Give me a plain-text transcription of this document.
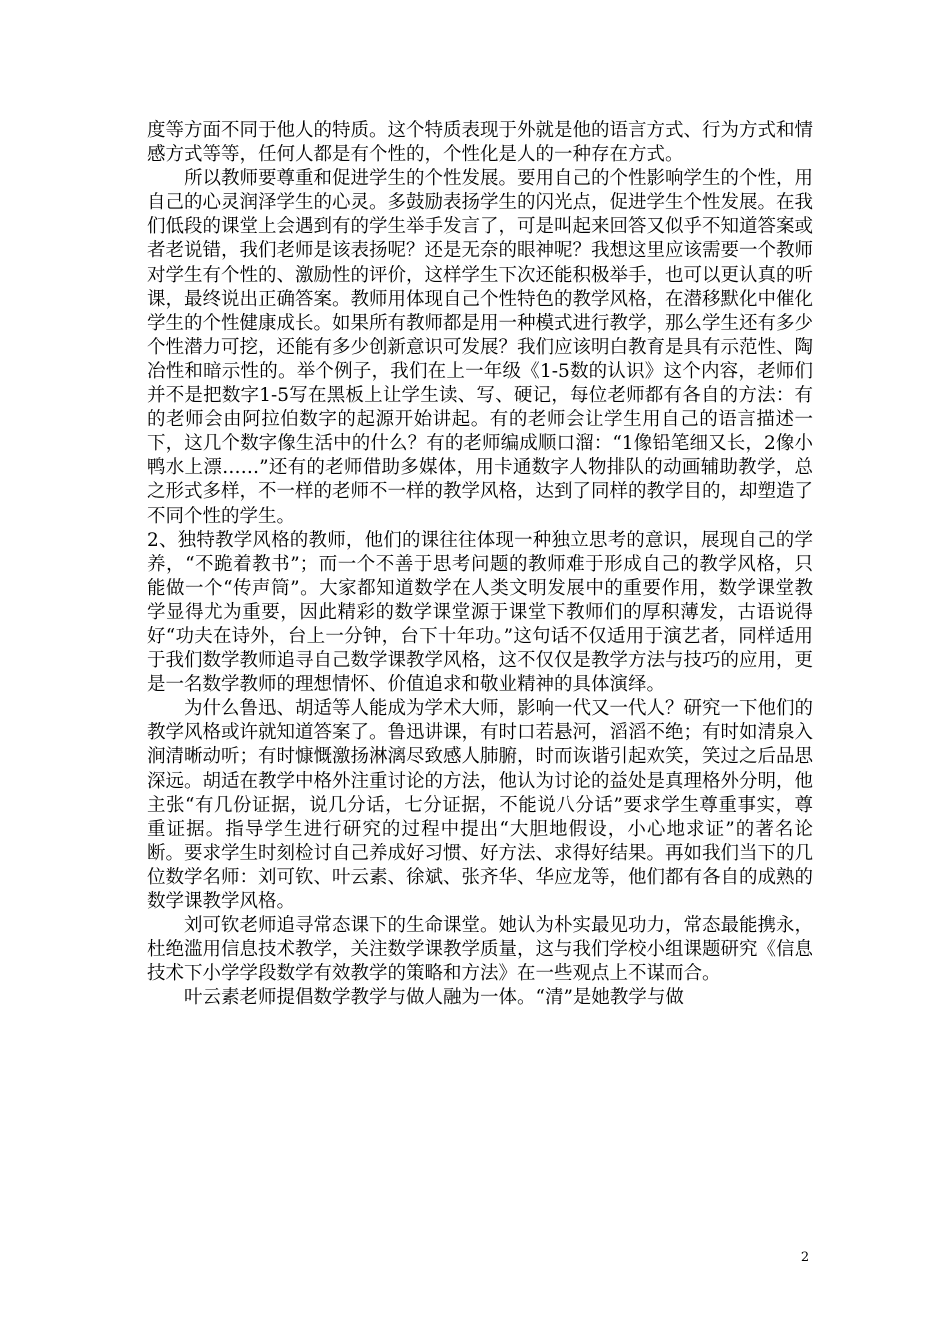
度等方面不同于他人的特质。这个特质表现于外就是他的语言方式、行为方式和情感方式等等，任何人都是有个性的，个性化是人的一种存在方式。

所以教师要尊重和促进学生的个性发展。要用自己的个性影响学生的个性，用自己的心灵润泽学生的心灵。多鼓励表扬学生的闪光点，促进学生个性发展。在我们低段的课堂上会遇到有的学生举手发言了，可是叫起来回答又似乎不知道答案或者老说错，我们老师是该表扬呢？还是无奈的眼神呢？我想这里应该需要一个教师对学生有个性的、激励性的评价，这样学生下次还能积极举手，也可以更认真的听课，最终说出正确答案。教师用体现自己个性特色的教学风格，在潜移默化中催化学生的个性健康成长。如果所有教师都是用一种模式进行教学，那么学生还有多少个性潜力可挖，还能有多少创新意识可发展？我们应该明白教育是具有示范性、陶冶性和暗示性的。举个例子，我们在上一年级《1-5数的认识》这个内容，老师们并不是把数字1-5写在黑板上让学生读、写、硬记，每位老师都有各自的方法：有的老师会由阿拉伯数字的起源开始讲起。有的老师会让学生用自己的语言描述一下，这几个数字像生活中的什么？有的老师编成顺口溜：“1像铅笔细又长，2像小鸭水上漂……”还有的老师借助多媒体，用卡通数字人物排队的动画辅助教学，总之形式多样，不一样的老师不一样的教学风格，达到了同样的教学目的，却塑造了不同个性的学生。

2、独特教学风格的教师，他们的课往往体现一种独立思考的意识，展现自己的学养，“不跪着教书”；而一个不善于思考问题的教师难于形成自己的教学风格，只能做一个“传声筒”。大家都知道数学在人类文明发展中的重要作用，数学课堂教学显得尤为重要，因此精彩的数学课堂源于课堂下教师们的厚积薄发，古语说得好“功夫在诗外，台上一分钟，台下十年功。”这句话不仅适用于演艺者，同样适用于我们数学教师追寻自己数学课教学风格，这不仅仅是教学方法与技巧的应用，更是一名数学教师的理想情怀、价值追求和敬业精神的具体演绎。

为什么鲁迅、胡适等人能成为学术大师，影响一代又一代人？研究一下他们的教学风格或许就知道答案了。鲁迅讲课，有时口若悬河，滔滔不绝；有时如清泉入涧清晰动听；有时慷慨激扬淋漓尽致感人肺腑，时而诙谐引起欢笑，笑过之后品思深远。胡适在教学中格外注重讨论的方法，他认为讨论的益处是真理格外分明，他主张“有几份证据，说几分话，七分证据，不能说八分话”要求学生尊重事实，尊重证据。指导学生进行研究的过程中提出“大胆地假设，小心地求证”的著名论断。要求学生时刻检讨自己养成好习惯、好方法、求得好结果。再如我们当下的几位数学名师：刘可钦、叶云素、徐斌、张齐华、华应龙等，他们都有各自的成熟的数学课教学风格。

刘可钦老师追寻常态课下的生命课堂。她认为朴实最见功力，常态最能携永，杜绝滥用信息技术教学，关注数学课教学质量，这与我们学校小组课题研究《信息技术下小学学段数学有效教学的策略和方法》在一些观点上不谋而合。

叶云素老师提倡数学教学与做人融为一体。“清”是她教学与做

2
